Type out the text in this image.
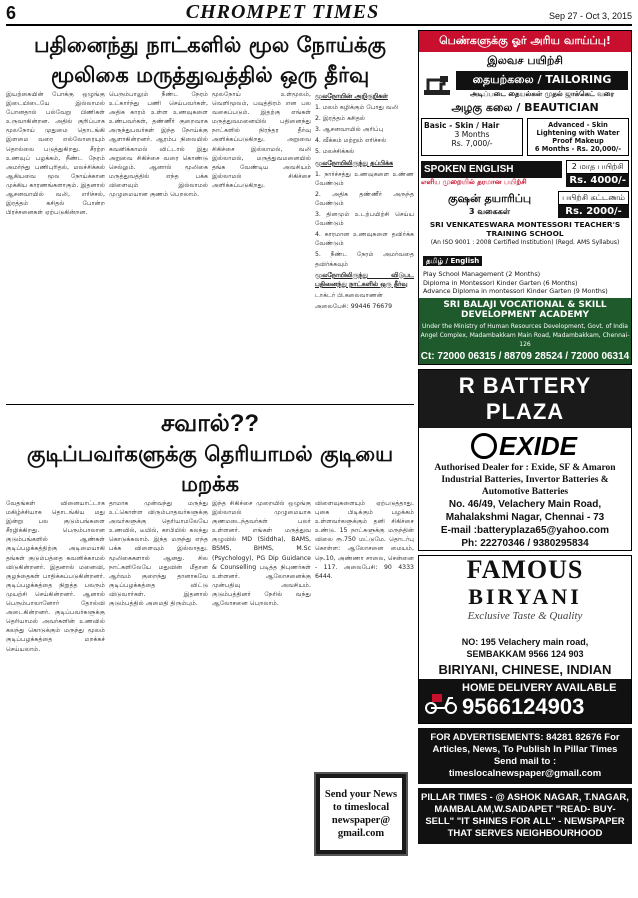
6	CHROMPET TIMES	Sep 27 - Oct 3, 2015
பதினைந்து நாட்களில் மூல நோய்க்கு
மூலிகை மருத்துவத்தில் ஒரு தீர்வு
இயற்கையின் போக்கு ஒழுங்கு இடையிடையே இல்லாமல் போனதால் பல்வேறு பிணிகள் உருவாகின்றன. அதில் குறிப்பாக மூலநோய் முதுமை தொடங்கி இளமை வரை எல்லோரையும் தொல்லை படுத்துகிறது. சீரற்ற உணவுப் பழக்கம், நீண்ட நேரம் அமர்ந்து பணிபுரிதல், மலச்சிக்கல் ஆகியவை மூல நோய்க்கான முக்கிய காரணங்களாகும். இதனால் ஆசனவாயில் வலி, எரிச்சல், இரத்தம் கசிதல் போன்ற பிரச்சனைகள் ஏற்படுகின்றன.
பெரும்பாலும் நீண்ட நேரம் உட்கார்ந்து பணி செய்பவர்கள், அதிக காரம் உள்ள உணவுகளை உண்பவர்கள், தண்ணீர் குறைவாக அருந்துபவர்கள் இந்த நோய்க்கு ஆளாகின்றனர். ஆரம்ப நிலையில் கவனிக்காமல் விட்டால் இது அறுவை சிகிச்சை வரை கொண்டு செல்லும். ஆனால் மூலிகை மருத்துவத்தில் எந்த பக்க விளைவும் இல்லாமல் முழுமையான குணம் பெறலாம்.
மூலநோய் உள்மூலம், வெளிமூலம், பவுத்திரம் என பல வகைப்படும். இதற்கு எங்கள் மருத்துவமனையில் பதினைந்து நாட்களில் நிரந்தர தீர்வு அளிக்கப்படுகிறது. அறுவை சிகிச்சை இல்லாமல், வலி இல்லாமல், மருத்துவமனையில் தங்க வேண்டிய அவசியம் இல்லாமல் சிகிச்சை அளிக்கப்படுகிறது.
மூலநோயின் அறிகுறிகள்

1. மலம் கழிக்கும் போது வலி

2. இரத்தம் கசிதல்

3. ஆசனவாயில் அரிப்பு

4. வீக்கம் மற்றும் எரிச்சல்

5. மலச்சிக்கல்

மூலநோயிலிருந்து தப்பிக்க

1. நார்ச்சத்து உணவுகளை உண்ண வேண்டும்

2. அதிக தண்ணீர் அருந்த வேண்டும்

3. தினமும் உடற்பயிற்சி செய்ய வேண்டும்

4. காரமான உணவுகளை தவிர்க்க வேண்டும்

5. நீண்ட நேரம் அமர்வதை தவிர்க்கவும்

மூலநோயிலிருந்து விடுபட பதினைந்து நாட்களில் ஒரு தீர்வு

டாக்டர் பி.கலைவாணன்

அலைபேசி: 99446 76679

சவால்??
குடிப்பவர்களுக்கு தெரியாமல் குடியை மறக்க
வேதங்கள் வினையாட்டாக மகிழ்ச்சியாக தொடங்கிய மது இன்று பல குடும்பங்களை சீரழிக்கிறது. பெரும்பாலான குடும்பங்களில் ஆண்கள் குடிப்பழக்கத்திற்கு அடிமையாகி தங்கள் குடும்பத்தை கவனிக்காமல் விடுகின்றனர். இதனால் மனைவி, குழந்தைகள் பாதிக்கப்படுகின்றனர். குடிப்பழக்கத்தை நிறுத்த பலரும் முயற்சி செய்கின்றனர். ஆனால் பெரும்பாலானோர் தோல்வி அடைகின்றனர். குடிப்பவர்களுக்கு தெரியாமல் அவர்களின் உணவில் கலந்து கொடுக்கும் மருந்து மூலம் குடிப்பழக்கத்தை மறக்கச் செய்யலாம்.
தாமாக முன்வந்து மருந்து உட்கொள்ள விரும்பாதவர்களுக்கு அவர்களுக்கு தெரியாமலேயே உணவில், டீயில், காபியில் கலந்து கொடுக்கலாம். இந்த மருந்து எந்த பக்க விளைவும் இல்லாதது. மூலிகைகளால் ஆனது. சில நாட்களிலேயே மதுவின் மீதான ஆர்வம் குறைந்து தானாகவே குடிப்பழக்கத்தை விட்டு விடுவார்கள். இதனால் குடும்பத்தில் அமைதி திரும்பும்.
இந்த சிகிச்சை முறையில் ஒழுங்கு இல்லாமல் முழுமையாக குணமடைந்தவர்கள் பலர் உள்ளனர். எங்கள் மருத்துவ குழுவில் MD (Siddha), BAMS, BSMS, BHMS, M.Sc (Psychology), PG Dip Guidance & Counselling படித்த நிபுணர்கள் உள்ளனர். ஆலோசனைக்கு முன்பதிவு அவசியம். குடும்பத்தினர் நேரில் வந்து ஆலோசனை பெறலாம்.
விளைவுகளையும் ஏற்படுத்தாது. புகை பிடிக்கும் பழக்கம் உள்ளவர்களுக்கும் தனி சிகிச்சை உண்டு. 15 நாட்களுக்கு மருந்தின் விலை ரூ.750 மட்டுமே. தொடர்பு கொள்ள: ஆலோசனை மையம், நெ.10, அண்ணா சாலை, சென்னை - 117. அலைபேசி: 90 4333 6444.
Send your News to timeslocal newspaper@ gmail.com
பெண்களுக்கு ஓர் அரிய வாய்ப்பு!
இலவச பயிற்சி
தையற்கலை / TAILORING
அடிப்படை தையல்கள் முதல் ஜாக்கெட் வரை
அழகு கலை / BEAUTICIAN
Basic - Skin / Hair
3 Months
Rs. 7,000/-
Advanced - Skin Lightening with Water Proof Makeup
6 Months - Rs. 20,000/-
SPOKEN ENGLISH
எளிய முறையில் தரமான பயிற்சி
2 மாத பயிற்சி
Rs. 4000/-
குஷன் தயாரிப்பு
3 வகைகள்
பயிற்சி கட்டணம்
Rs. 2000/-
SRI VENKATESWARA MONTESSORI TEACHER'S TRAINING SCHOOL
(An ISO 9001 : 2008 Certified Institution) (Regd. AMS Syllabus)
தமிழ் / English
Play School Management (2 Months)
Diploma in Montessori Kinder Garten (6 Months)
Advance Diploma in montessori Kinder Garten (9 Months)
SRI BALAJI VOCATIONAL & SKILL DEVELOPMENT ACADEMY
Under the Ministry of Human Resources Development, Govt. of India Angel Complex, Madambakkam Main Road, Madambakkam, Chennai-126
Ct: 72000 06315 / 88709 28524 / 72000 06314
R BATTERY PLAZA
EXIDE
Authorised Dealer for : Exide, SF & Amaron Industrial Batteries, Invertor Batteries & Automotive Batteries
No. 46/49, Velachery Main Road,
Mahalakshmi Nagar, Chennai - 73
E-mail :batteryplaza65@yahoo.com
Ph: 22270346 / 9380295834
FAMOUS
BIRYANI
Exclusive Taste & Quality
NO: 195 Velachery main road,
SEMBAKKAM 9566 124 903
BIRIYANI, CHINESE, INDIAN
HOME DELIVERY AVAILABLE
9566124903
FOR ADVERTISEMENTS: 84281 82676 For Articles, News, To Publish In Pillar Times Send mail to : timeslocalnewspaper@gmail.com
PILLAR TIMES - @ ASHOK NAGAR, T.NAGAR, MAMBALAM,W.SAIDAPET "READ- BUY- SELL" "IT SHINES FOR ALL" - NEWSPAPER THAT SERVES NEIGHBOURHOOD
